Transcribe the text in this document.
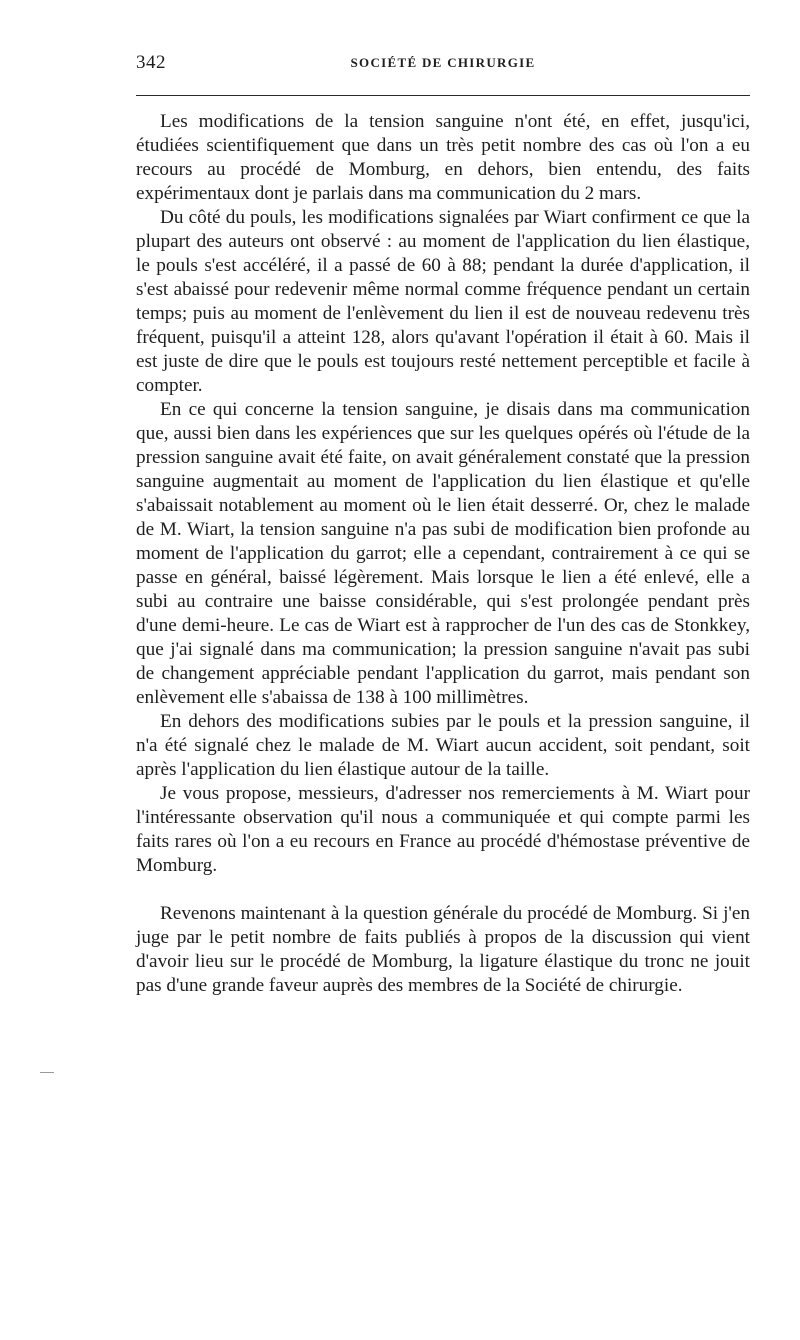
342	SOCIÉTÉ DE CHIRURGIE

Les modifications de la tension sanguine n'ont été, en effet, jusqu'ici, étudiées scientifiquement que dans un très petit nombre des cas où l'on a eu recours au procédé de Momburg, en dehors, bien entendu, des faits expérimentaux dont je parlais dans ma communication du 2 mars.

Du côté du pouls, les modifications signalées par Wiart confirment ce que la plupart des auteurs ont observé : au moment de l'application du lien élastique, le pouls s'est accéléré, il a passé de 60 à 88; pendant la durée d'application, il s'est abaissé pour redevenir même normal comme fréquence pendant un certain temps; puis au moment de l'enlèvement du lien il est de nouveau redevenu très fréquent, puisqu'il a atteint 128, alors qu'avant l'opération il était à 60. Mais il est juste de dire que le pouls est toujours resté nettement perceptible et facile à compter.

En ce qui concerne la tension sanguine, je disais dans ma communication que, aussi bien dans les expériences que sur les quelques opérés où l'étude de la pression sanguine avait été faite, on avait généralement constaté que la pression sanguine augmentait au moment de l'application du lien élastique et qu'elle s'abaissait notablement au moment où le lien était desserré. Or, chez le malade de M. Wiart, la tension sanguine n'a pas subi de modification bien profonde au moment de l'application du garrot; elle a cependant, contrairement à ce qui se passe en général, baissé légèrement. Mais lorsque le lien a été enlevé, elle a subi au contraire une baisse considérable, qui s'est prolongée pendant près d'une demi-heure. Le cas de Wiart est à rapprocher de l'un des cas de Stonkkey, que j'ai signalé dans ma communication; la pression sanguine n'avait pas subi de changement appréciable pendant l'application du garrot, mais pendant son enlèvement elle s'abaissa de 138 à 100 millimètres.

En dehors des modifications subies par le pouls et la pression sanguine, il n'a été signalé chez le malade de M. Wiart aucun accident, soit pendant, soit après l'application du lien élastique autour de la taille.

Je vous propose, messieurs, d'adresser nos remerciements à M. Wiart pour l'intéressante observation qu'il nous a communiquée et qui compte parmi les faits rares où l'on a eu recours en France au procédé d'hémostase préventive de Momburg.

Revenons maintenant à la question générale du procédé de Momburg. Si j'en juge par le petit nombre de faits publiés à propos de la discussion qui vient d'avoir lieu sur le procédé de Momburg, la ligature élastique du tronc ne jouit pas d'une grande faveur auprès des membres de la Société de chirurgie.
